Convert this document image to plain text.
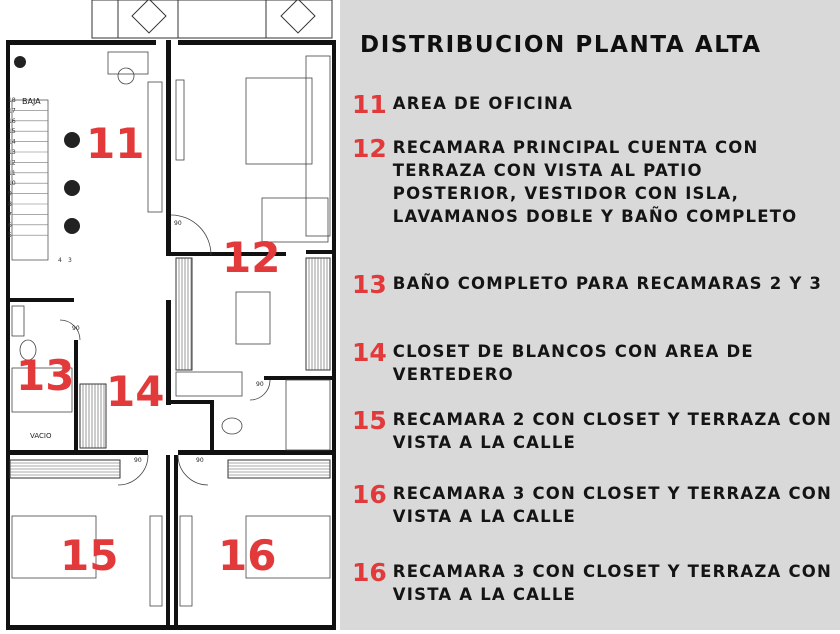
18
17
16
15
14
13
12
11
10
9
8
7
6
5
4 3
BAJA
VACIO
90
90
90
90	90
11
12
13 14
15 16
DISTRIBUCION PLANTA ALTA
11 AREA DE OFICINA
12 RECAMARA PRINCIPAL CUENTA CON TERRAZA CON VISTA AL PATIO POSTERIOR, VESTIDOR CON ISLA, LAVAMANOS DOBLE Y BAÑO COMPLETO
13 BAÑO COMPLETO PARA RECAMARAS 2 Y 3
14 CLOSET DE BLANCOS CON AREA DE VERTEDERO
15 RECAMARA 2 CON CLOSET Y TERRAZA CON VISTA A LA CALLE
16 RECAMARA 3 CON CLOSET Y TERRAZA CON VISTA A LA CALLE
16 RECAMARA 3 CON CLOSET Y TERRAZA CON VISTA A LA CALLE
